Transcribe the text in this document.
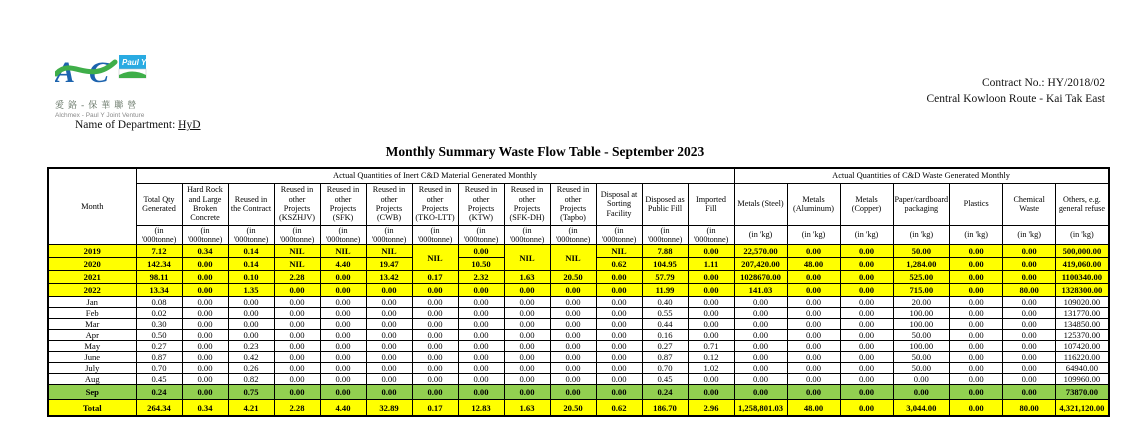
A C Paul Y
愛鉻-保華聯營
Alchmex - Paul Y Joint Venture
Contract No.: HY/2018/02
Central Kowloon Route - Kai Tak East
Name of Department: HyD
Monthly Summary Waste Flow Table - September 2023
Month	Actual Quantities of Inert C&D Material Generated Monthly													Actual Quantities of C&D Waste Generated Monthly						
	Total Qty Generated	Hard Rock and Large Broken Concrete	Reused in the Contract	Reused in other Projects (KSZHJV)	Reused in other Projects (SFK)	Reused in other Projects (CWB)	Reused in other Projects (TKO-LTT)	Reused in other Projects (KTW)	Reused in other Projects (SFK-DH)	Reused in other Projects (Tapbo)	Disposal at Sorting Facility	Disposed as Public Fill	Imported Fill	Metals (Steel)	Metals (Aluminum)	Metals (Copper)	Paper/cardboard packaging	Plastics	Chemical Waste	Others, e.g. general refuse
	(in '000tonne)	(in '000tonne)	(in '000tonne)	(in '000tonne)	(in '000tonne)	(in '000tonne)	(in '000tonne)	(in '000tonne)	(in '000tonne)	(in '000tonne)	(in '000tonne)	(in '000tonne)	(in '000tonne)	(in 'kg)	(in 'kg)	(in 'kg)	(in 'kg)	(in 'kg)	(in 'kg)	(in 'kg)
2019	7.12	0.34	0.14	NIL	NIL	NIL	NIL	0.00	NIL	NIL	NIL	7.88	0.00	22,570.00	0.00	0.00	50.00	0.00	0.00	500,000.00
2020	142.34	0.00	0.14	NIL	4.40	19.47		10.50			0.62	104.95	1.11	207,420.00	48.00	0.00	1,284.00	0.00	0.00	419,060.00
2021	98.11	0.00	0.10	2.28	0.00	13.42	0.17	2.32	1.63	20.50	0.00	57.79	0.00	1028670.00	0.00	0.00	525.00	0.00	0.00	1100340.00
2022	13.34	0.00	1.35	0.00	0.00	0.00	0.00	0.00	0.00	0.00	0.00	11.99	0.00	141.03	0.00	0.00	715.00	0.00	80.00	1328300.00
Jan	0.08	0.00	0.00	0.00	0.00	0.00	0.00	0.00	0.00	0.00	0.00	0.40	0.00	0.00	0.00	0.00	20.00	0.00	0.00	109020.00
Feb	0.02	0.00	0.00	0.00	0.00	0.00	0.00	0.00	0.00	0.00	0.00	0.55	0.00	0.00	0.00	0.00	100.00	0.00	0.00	131770.00
Mar	0.30	0.00	0.00	0.00	0.00	0.00	0.00	0.00	0.00	0.00	0.00	0.44	0.00	0.00	0.00	0.00	100.00	0.00	0.00	134850.00
Apr	0.50	0.00	0.00	0.00	0.00	0.00	0.00	0.00	0.00	0.00	0.00	0.16	0.00	0.00	0.00	0.00	50.00	0.00	0.00	125370.00
May	0.27	0.00	0.23	0.00	0.00	0.00	0.00	0.00	0.00	0.00	0.00	0.27	0.71	0.00	0.00	0.00	100.00	0.00	0.00	107420.00
June	0.87	0.00	0.42	0.00	0.00	0.00	0.00	0.00	0.00	0.00	0.00	0.87	0.12	0.00	0.00	0.00	50.00	0.00	0.00	116220.00
July	0.70	0.00	0.26	0.00	0.00	0.00	0.00	0.00	0.00	0.00	0.00	0.70	1.02	0.00	0.00	0.00	50.00	0.00	0.00	64940.00
Aug	0.45	0.00	0.82	0.00	0.00	0.00	0.00	0.00	0.00	0.00	0.00	0.45	0.00	0.00	0.00	0.00	0.00	0.00	0.00	109960.00
Sep	0.24	0.00	0.75	0.00	0.00	0.00	0.00	0.00	0.00	0.00	0.00	0.24	0.00	0.00	0.00	0.00	0.00	0.00	0.00	73870.00
Total	264.34	0.34	4.21	2.28	4.40	32.89	0.17	12.83	1.63	20.50	0.62	186.70	2.96	1,258,801.03	48.00	0.00	3,044.00	0.00	80.00	4,321,120.00
